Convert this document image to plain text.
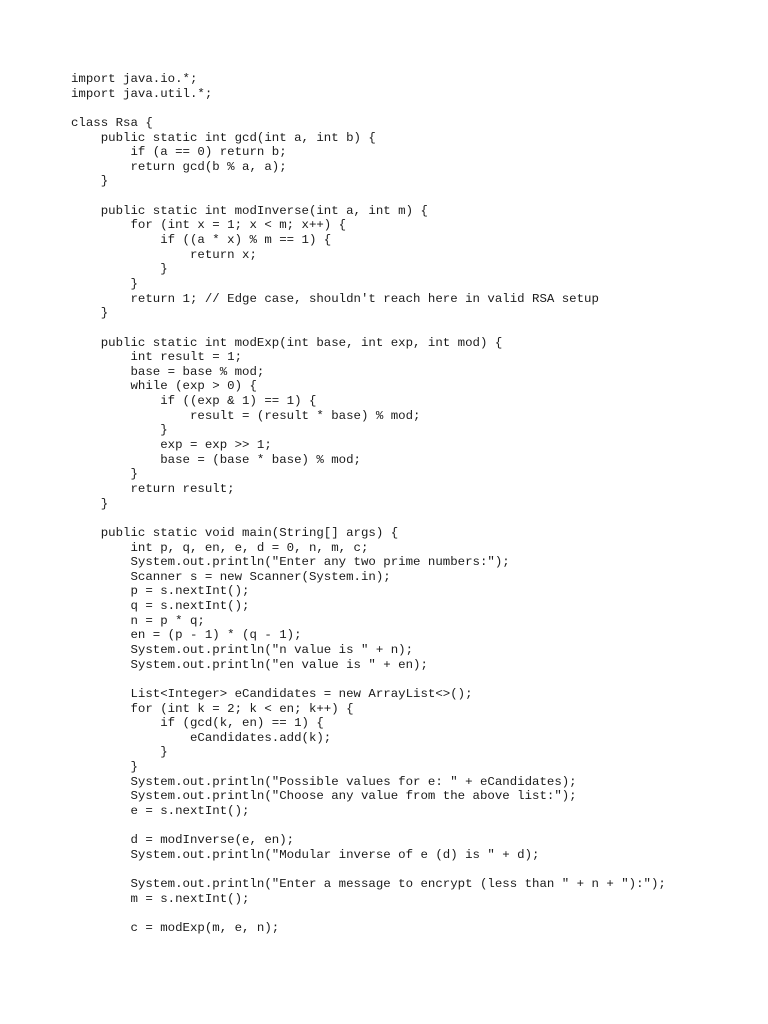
import java.io.*;
import java.util.*;
class Rsa {
public static int gcd(int a, int b) {
if (a == 0) return b;
return gcd(b % a, a);
}
public static int modInverse(int a, int m) {
for (int x = 1; x < m; x++) {
if ((a * x) % m == 1) {
return x;
}
}
return 1; // Edge case, shouldn't reach here in valid RSA setup
}
public static int modExp(int base, int exp, int mod) {
int result = 1;
base = base % mod;
while (exp > 0) {
if ((exp & 1) == 1) {
result = (result * base) % mod;
}
exp = exp >> 1;
base = (base * base) % mod;
}
return result;
}
public static void main(String[] args) {
int p, q, en, e, d = 0, n, m, c;
System.out.println("Enter any two prime numbers:");
Scanner s = new Scanner(System.in);
p = s.nextInt();
q = s.nextInt();
n = p * q;
en = (p - 1) * (q - 1);
System.out.println("n value is " + n);
System.out.println("en value is " + en);
List<Integer> eCandidates = new ArrayList<>();
for (int k = 2; k < en; k++) {
if (gcd(k, en) == 1) {
eCandidates.add(k);
}
}
System.out.println("Possible values for e: " + eCandidates);
System.out.println("Choose any value from the above list:");
e = s.nextInt();
d = modInverse(e, en);
System.out.println("Modular inverse of e (d) is " + d);
System.out.println("Enter a message to encrypt (less than " + n + "):");
m = s.nextInt();
c = modExp(m, e, n);
